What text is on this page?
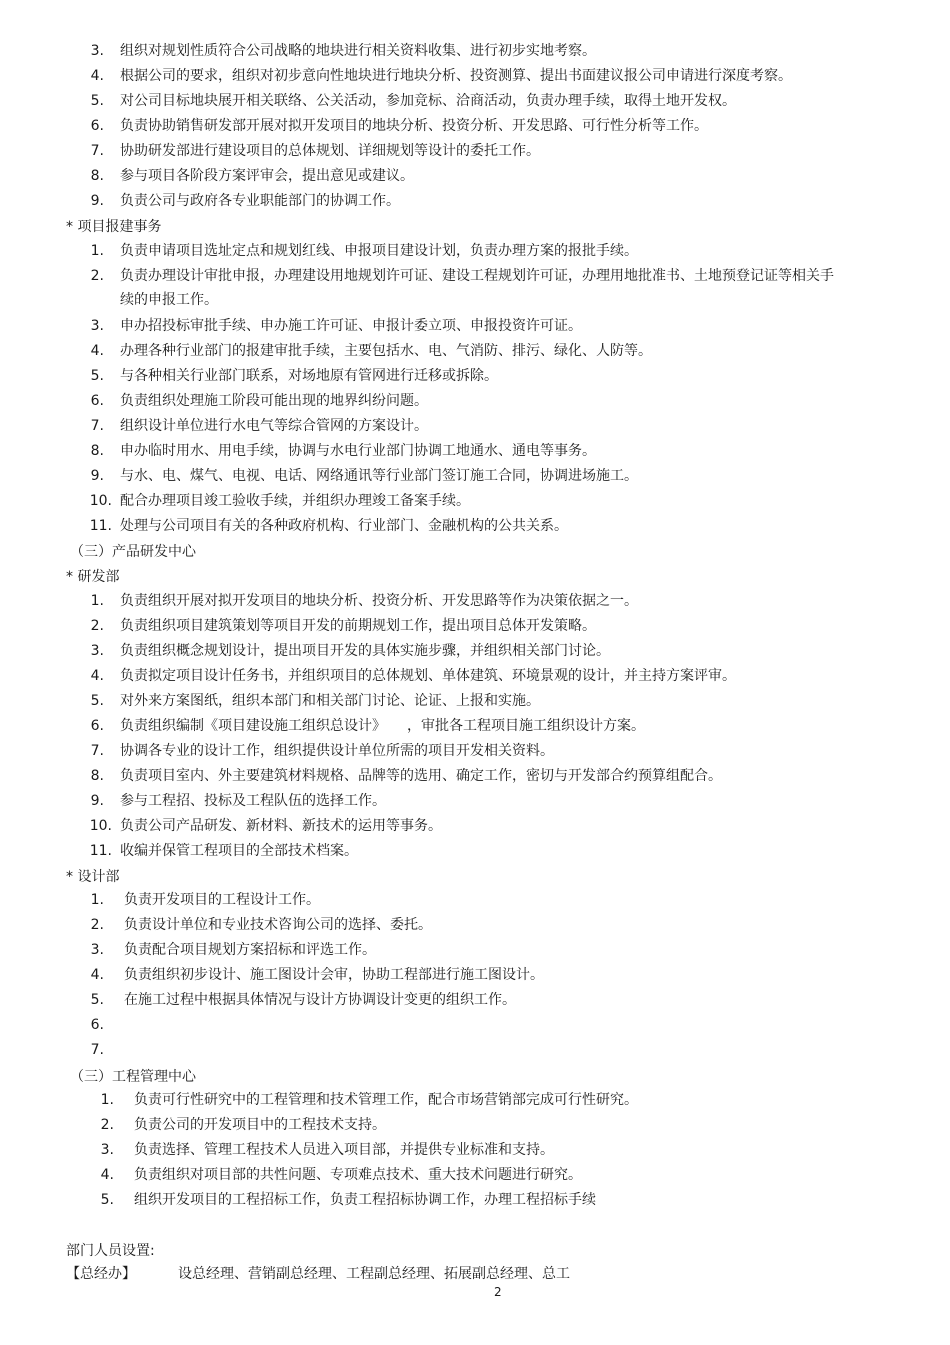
3. 组织对规划性质符合公司战略的地块进行相关资料收集、进行初步实地考察。
4. 根据公司的要求，组织对初步意向性地块进行地块分析、投资测算、提出书面建议报公司申请进行深度考察。
5. 对公司目标地块展开相关联络、公关活动，参加竞标、洽商活动，负责办理手续，取得土地开发权。
6. 负责协助销售研发部开展对拟开发项目的地块分析、投资分析、开发思路、可行性分析等工作。
7. 协助研发部进行建设项目的总体规划、详细规划等设计的委托工作。
8. 参与项目各阶段方案评审会，提出意见或建议。
9. 负责公司与政府各专业职能部门的协调工作。
* 项目报建事务
1. 负责申请项目选址定点和规划红线、申报项目建设计划，负责办理方案的报批手续。
2. 负责办理设计审批申报，办理建设用地规划许可证、建设工程规划许可证，办理用地批准书、土地预登记证等相关手续的申报工作。
3. 申办招投标审批手续、申办施工许可证、申报计委立项、申报投资许可证。
4. 办理各种行业部门的报建审批手续，主要包括水、电、气消防、排污、绿化、人防等。
5. 与各种相关行业部门联系，对场地原有管网进行迁移或拆除。
6. 负责组织处理施工阶段可能出现的地界纠纷问题。
7. 组织设计单位进行水电气等综合管网的方案设计。
8. 申办临时用水、用电手续，协调与水电行业部门协调工地通水、通电等事务。
9. 与水、电、煤气、电视、电话、网络通讯等行业部门签订施工合同，协调进场施工。
10. 配合办理项目竣工验收手续，并组织办理竣工备案手续。
11. 处理与公司项目有关的各种政府机构、行业部门、金融机构的公共关系。
（三）产品研发中心
* 研发部
1. 负责组织开展对拟开发项目的地块分析、投资分析、开发思路等作为决策依据之一。
2. 负责组织项目建筑策划等项目开发的前期规划工作，提出项目总体开发策略。
3. 负责组织概念规划设计，提出项目开发的具体实施步骤，并组织相关部门讨论。
4. 负责拟定项目设计任务书，并组织项目的总体规划、单体建筑、环境景观的设计，并主持方案评审。
5. 对外来方案图纸，组织本部门和相关部门讨论、论证、上报和实施。
6. 负责组织编制《项目建设施工组织总设计》　　，审批各工程项目施工组织设计方案。
7. 协调各专业的设计工作，组织提供设计单位所需的项目开发相关资料。
8. 负责项目室内、外主要建筑材料规格、品牌等的选用、确定工作，密切与开发部合约预算组配合。
9. 参与工程招、投标及工程队伍的选择工作。
10. 负责公司产品研发、新材料、新技术的运用等事务。
11. 收编并保管工程项目的全部技术档案。
* 设计部
1. 负责开发项目的工程设计工作。
2. 负责设计单位和专业技术咨询公司的选择、委托。
3. 负责配合项目规划方案招标和评选工作。
4. 负责组织初步设计、施工图设计会审，协助工程部进行施工图设计。
5. 在施工过程中根据具体情况与设计方协调设计变更的组织工作。
6.
7.
（三）工程管理中心
1. 负责可行性研究中的工程管理和技术管理工作，配合市场营销部完成可行性研究。
2. 负责公司的开发项目中的工程技术支持。
3. 负责选择、管理工程技术人员进入项目部，并提供专业标准和支持。
4. 负责组织对项目部的共性问题、专项难点技术、重大技术问题进行研究。
5. 组织开发项目的工程招标工作，负责工程招标协调工作，办理工程招标手续
部门人员设置:
【总经办】	设总经理、营销副总经理、工程副总经理、拓展副总经理、总工
2
